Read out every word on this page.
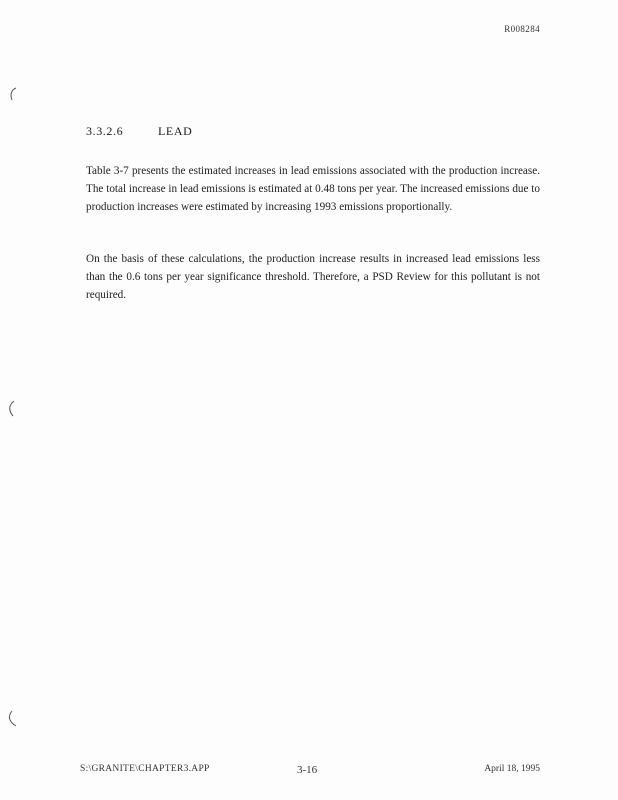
R008284
3.3.2.6	LEAD

Table 3-7 presents the estimated increases in lead emissions associated with the production increase. The total increase in lead emissions is estimated at 0.48 tons per year. The increased emissions due to production increases were estimated by increasing 1993 emissions proportionally.

On the basis of these calculations, the production increase results in increased lead emissions less than the 0.6 tons per year significance threshold. Therefore, a PSD Review for this pollutant is not required.

S:\GRANITE\CHAPTER3.APP	3-16	April 18, 1995
